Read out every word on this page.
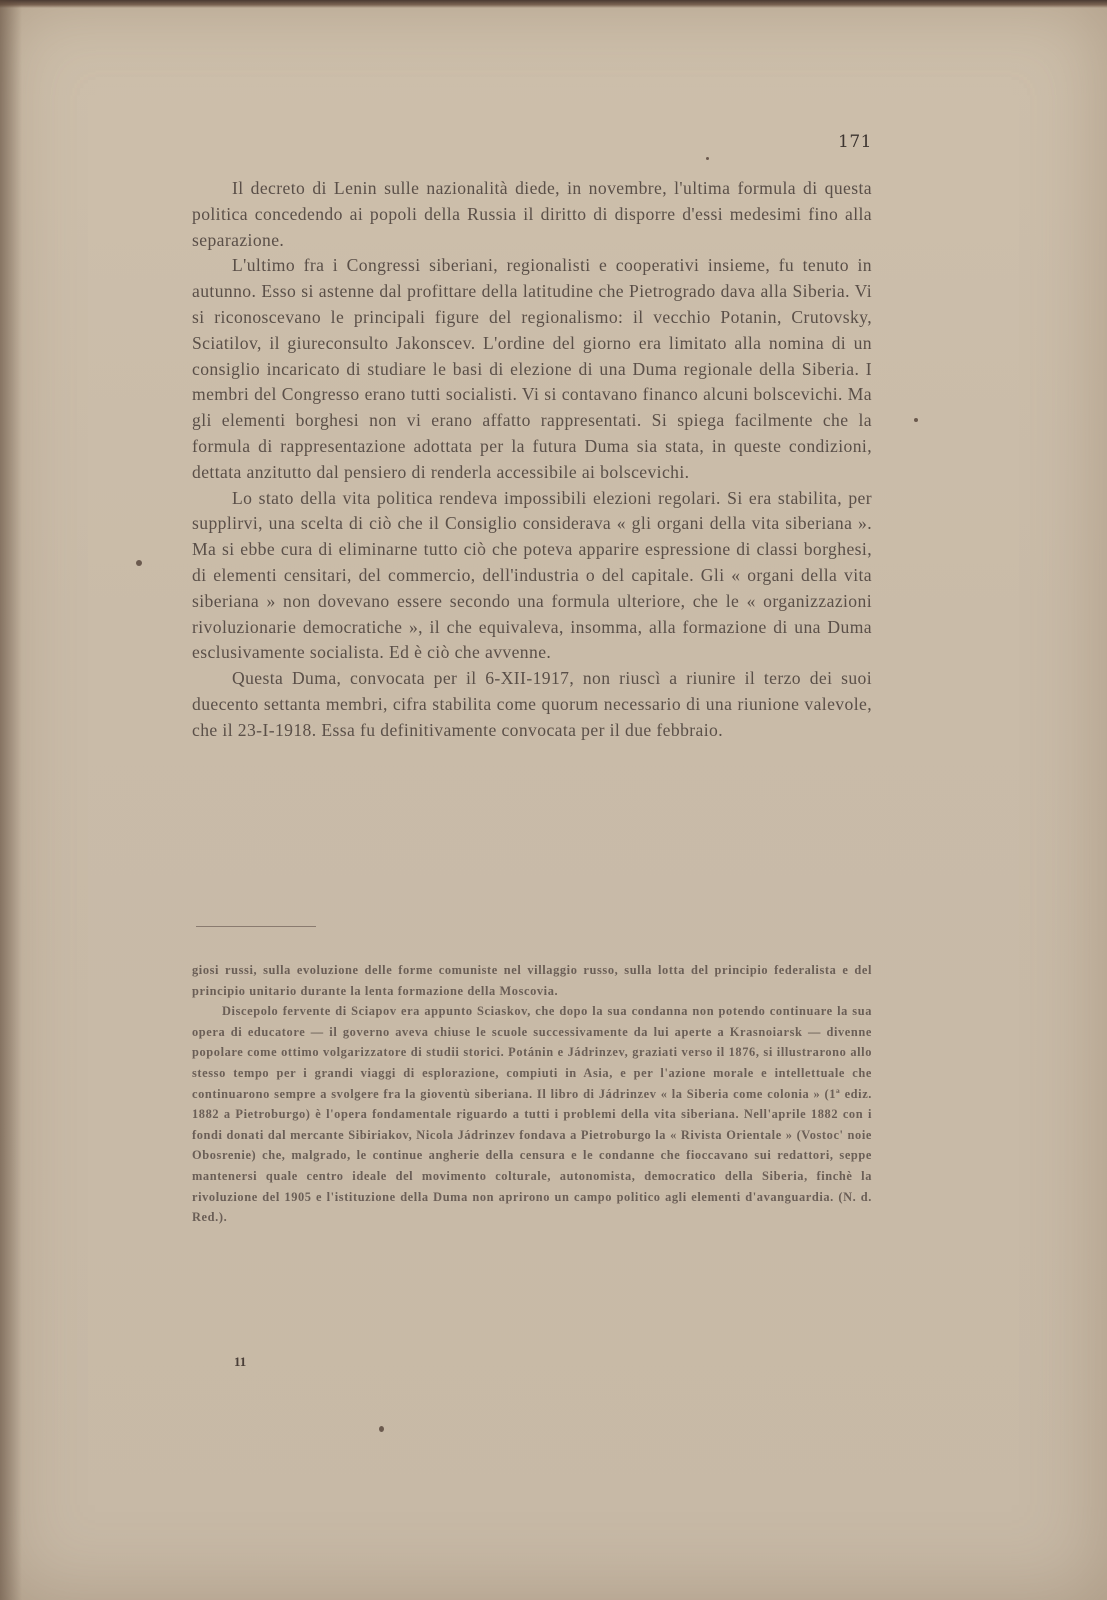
171

Il decreto di Lenin sulle nazionalità diede, in novembre, l'ultima formula di questa politica concedendo ai popoli della Russia il diritto di disporre d'essi medesimi fino alla separazione.

L'ultimo fra i Congressi siberiani, regionalisti e cooperativi insieme, fu tenuto in autunno. Esso si astenne dal profittare della latitudine che Pietrogrado dava alla Siberia. Vi si riconoscevano le principali figure del regionalismo: il vecchio Potanin, Crutovsky, Sciatilov, il giureconsulto Jakonscev. L'ordine del giorno era limitato alla nomina di un consiglio incaricato di studiare le basi di elezione di una Duma regionale della Siberia. I membri del Congresso erano tutti socialisti. Vi si contavano financo alcuni bolscevichi. Ma gli elementi borghesi non vi erano affatto rappresentati. Si spiega facilmente che la formula di rappresentazione adottata per la futura Duma sia stata, in queste condizioni, dettata anzitutto dal pensiero di renderla accessibile ai bolscevichi.

Lo stato della vita politica rendeva impossibili elezioni regolari. Si era stabilita, per supplirvi, una scelta di ciò che il Consiglio considerava « gli organi della vita siberiana ». Ma si ebbe cura di eliminarne tutto ciò che poteva apparire espressione di classi borghesi, di elementi censitari, del commercio, dell'industria o del capitale. Gli « organi della vita siberiana » non dovevano essere secondo una formula ulteriore, che le « organizzazioni rivoluzionarie democratiche », il che equivaleva, insomma, alla formazione di una Duma esclusivamente socialista. Ed è ciò che avvenne.

Questa Duma, convocata per il 6-XII-1917, non riuscì a riunire il terzo dei suoi duecento settanta membri, cifra stabilita come quorum necessario di una riunione valevole, che il 23-I-1918. Essa fu definitivamente convocata per il due febbraio.

giosi russi, sulla evoluzione delle forme comuniste nel villaggio russo, sulla lotta del principio federalista e del principio unitario durante la lenta formazione della Moscovia.

Discepolo fervente di Sciapov era appunto Sciaskov, che dopo la sua condanna non potendo continuare la sua opera di educatore — il governo aveva chiuse le scuole successivamente da lui aperte a Krasnoiarsk — divenne popolare come ottimo volgarizzatore di studii storici. Potánin e Jádrinzev, graziati verso il 1876, si illustrarono allo stesso tempo per i grandi viaggi di esplorazione, compiuti in Asia, e per l'azione morale e intellettuale che continuarono sempre a svolgere fra la gioventù siberiana. Il libro di Jádrinzev « la Siberia come colonia » (1ª ediz. 1882 a Pietroburgo) è l'opera fondamentale riguardo a tutti i problemi della vita siberiana. Nell'aprile 1882 con i fondi donati dal mercante Sibiriakov, Nicola Jádrinzev fondava a Pietroburgo la « Rivista Orientale » (Vostoc' noie Obosrenie) che, malgrado, le continue angherie della censura e le condanne che fioccavano sui redattori, seppe mantenersi quale centro ideale del movimento colturale, autonomista, democratico della Siberia, finchè la rivoluzione del 1905 e l'istituzione della Duma non aprirono un campo politico agli elementi d'avanguardia. (N. d. Red.).

11
